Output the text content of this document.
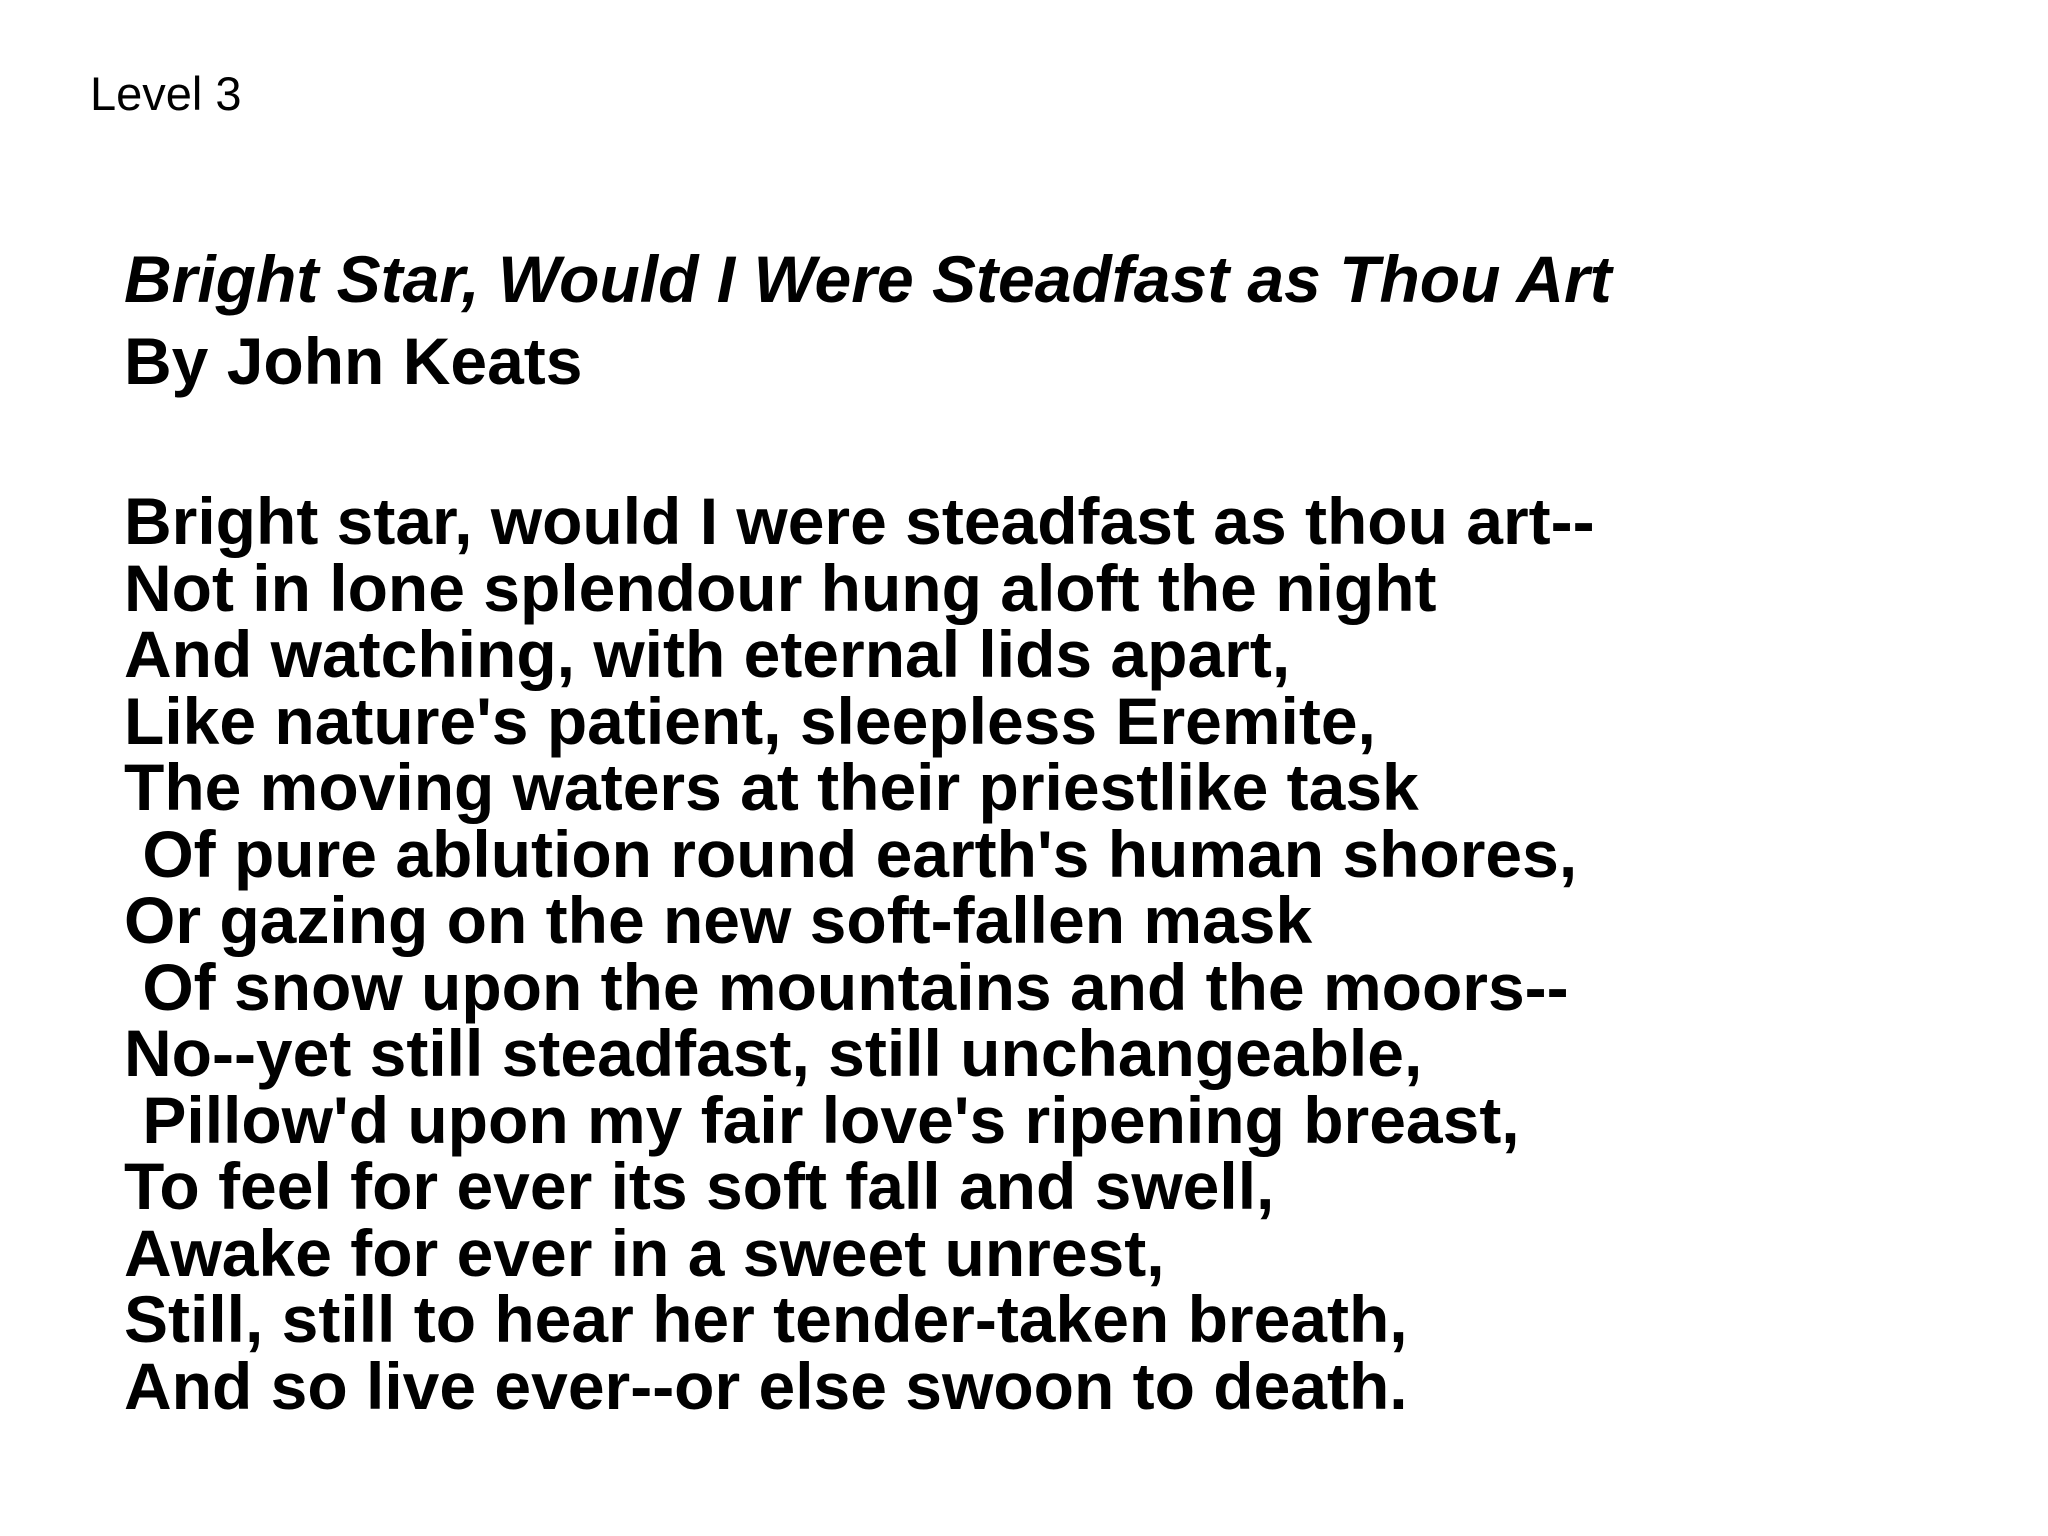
Level 3
Bright Star, Would I Were Steadfast as Thou Art
By John Keats
Bright star, would I were steadfast as thou art--
Not in lone splendour hung aloft the night
And watching, with eternal lids apart,
Like nature's patient, sleepless Eremite,
The moving waters at their priestlike task
Of pure ablution round earth's human shores,
Or gazing on the new soft-fallen mask
Of snow upon the mountains and the moors--
No--yet still steadfast, still unchangeable,
Pillow'd upon my fair love's ripening breast,
To feel for ever its soft fall and swell,
Awake for ever in a sweet unrest,
Still, still to hear her tender-taken breath,
And so live ever--or else swoon to death.
